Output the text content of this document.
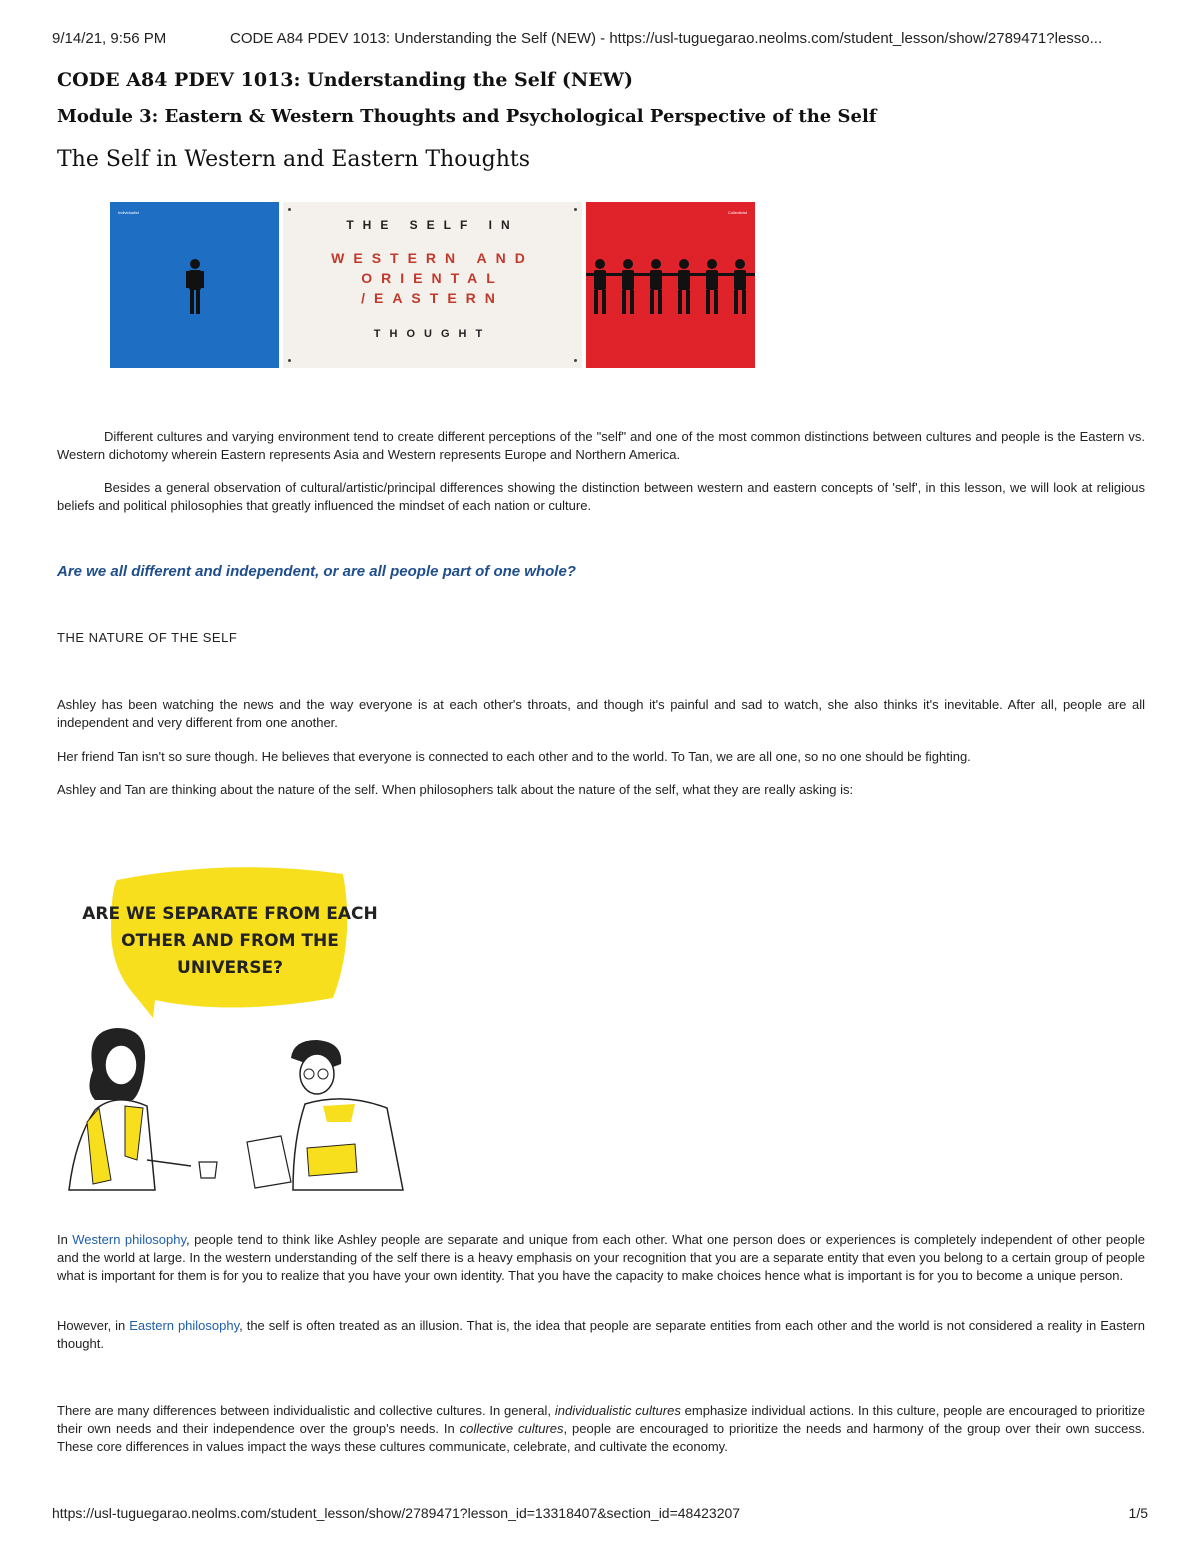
9/14/21, 9:56 PM	CODE A84 PDEV 1013: Understanding the Self (NEW) - https://usl-tuguegarao.neolms.com/student_lesson/show/2789471?lesso...
CODE A84 PDEV 1013: Understanding the Self (NEW)
Module 3: Eastern & Western Thoughts and Psychological Perspective of the Self
The Self in Western and Eastern Thoughts
Individualist
THE SELF IN
WESTERN AND
ORIENTAL
/EASTERN
THOUGHT
Collectivist
Different cultures and varying environment tend to create different perceptions of the "self" and one of the most common distinctions between cultures and people is the Eastern vs. Western dichotomy wherein Eastern represents Asia and Western represents Europe and Northern America.
Besides a general observation of cultural/artistic/principal differences showing the distinction between western and eastern concepts of 'self', in this lesson, we will look at religious beliefs and political philosophies that greatly influenced the mindset of each nation or culture.
Are we all different and independent, or are all people part of one whole?
THE NATURE OF THE SELF
Ashley has been watching the news and the way everyone is at each other's throats, and though it's painful and sad to watch, she also thinks it's inevitable. After all, people are all independent and very different from one another.
Her friend Tan isn't so sure though. He believes that everyone is connected to each other and to the world. To Tan, we are all one, so no one should be fighting.
Ashley and Tan are thinking about the nature of the self. When philosophers talk about the nature of the self, what they are really asking is:
ARE WE SEPARATE FROM EACH
OTHER AND FROM THE
UNIVERSE?
In Western philosophy, people tend to think like Ashley people are separate and unique from each other. What one person does or experiences is completely independent of other people and the world at large. In the western understanding of the self there is a heavy emphasis on your recognition that you are a separate entity that even you belong to a certain group of people what is important for them is for you to realize that you have your own identity. That you have the capacity to make choices hence what is important is for you to become a unique person.
However, in Eastern philosophy, the self is often treated as an illusion. That is, the idea that people are separate entities from each other and the world is not considered a reality in Eastern thought.
There are many differences between individualistic and collective cultures. In general, individualistic cultures emphasize individual actions. In this culture, people are encouraged to prioritize their own needs and their independence over the group's needs. In collective cultures, people are encouraged to prioritize the needs and harmony of the group over their own success. These core differences in values impact the ways these cultures communicate, celebrate, and cultivate the economy.
https://usl-tuguegarao.neolms.com/student_lesson/show/2789471?lesson_id=13318407&section_id=48423207	1/5
